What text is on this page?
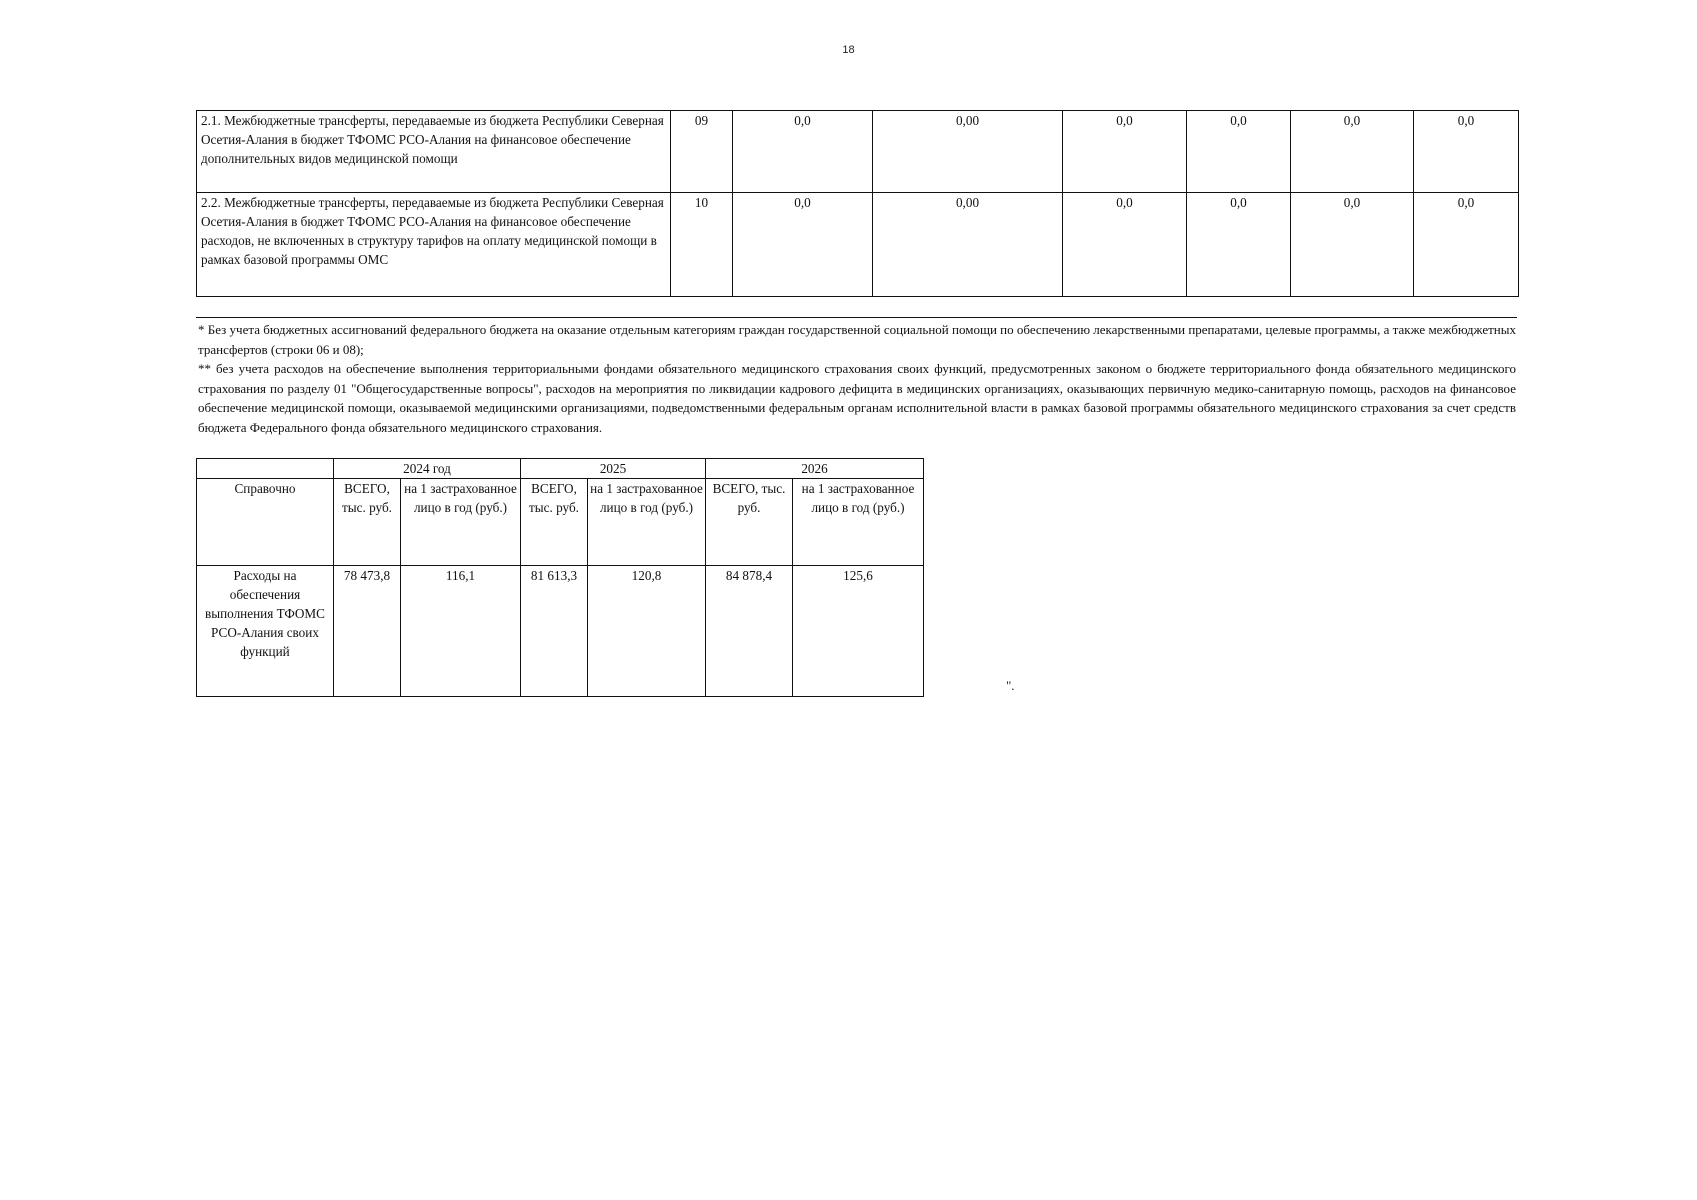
18
2.1. Межбюджетные трансферты, передаваемые из бюджета Республики Северная Осетия-Алания в бюджет ТФОМС РСО-Алания на финансовое обеспечение дополнительных видов медицинской помощи	09	0,0	0,00	0,0	0,0	0,0	0,0
2.2. Межбюджетные трансферты, передаваемые из бюджета Республики Северная Осетия-Алания в бюджет ТФОМС РСО-Алания на финансовое обеспечение расходов, не включенных в структуру тарифов на оплату медицинской помощи в рамках базовой программы ОМС	10	0,0	0,00	0,0	0,0	0,0	0,0

* Без учета бюджетных ассигнований федерального бюджета на оказание отдельным категориям граждан государственной социальной помощи по обеспечению лекарственными препаратами, целевые программы, а также межбюджетных трансфертов (строки 06 и 08);

** без учета расходов на обеспечение выполнения территориальными фондами обязательного медицинского страхования своих функций, предусмотренных законом о бюджете территориального фонда обязательного медицинского страхования по разделу 01 "Общегосударственные вопросы", расходов на мероприятия по ликвидации кадрового дефицита в медицинских организациях, оказывающих первичную медико-санитарную помощь, расходов на финансовое обеспечение медицинской помощи, оказываемой медицинскими организациями, подведомственными федеральным органам исполнительной власти в рамках базовой программы обязательного медицинского страхования за счет средств бюджета Федерального фонда обязательного медицинского страхования.

	2024 год		2025		2026	
Справочно	ВСЕГО, тыс. руб.	на 1 застрахованное лицо в год (руб.)	ВСЕГО, тыс. руб.	на 1 застрахованное лицо в год (руб.)	ВСЕГО, тыс. руб.	на 1 застрахованное лицо в год (руб.)
Расходы на обеспечения выполнения ТФОМС РСО-Алания своих функций	78 473,8	116,1	81 613,3	120,8	84 878,4	125,6
".
